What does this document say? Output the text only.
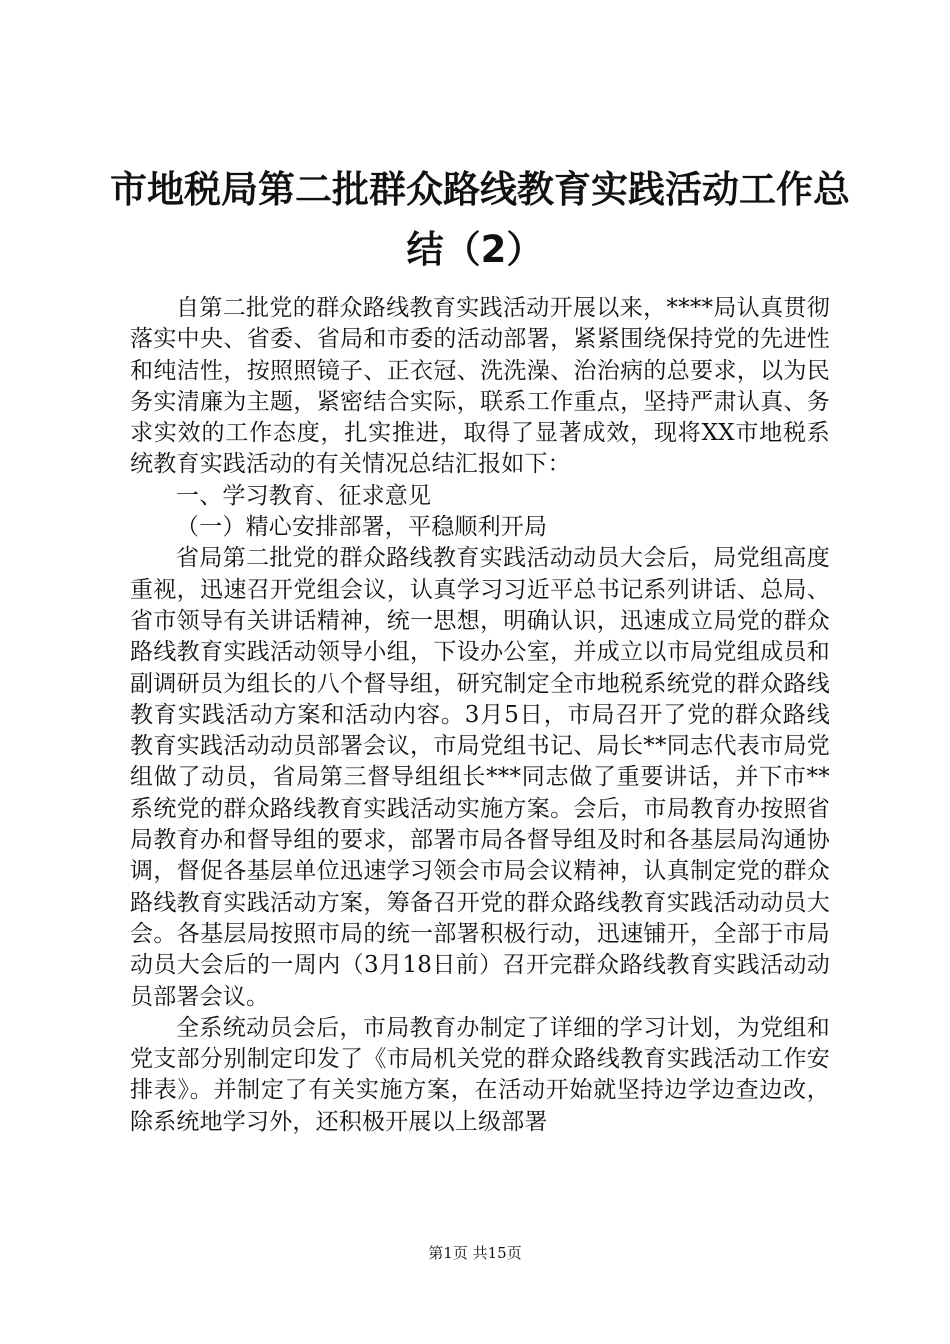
市地税局第二批群众路线教育实践活动工作总
结（2）

自第二批党的群众路线教育实践活动开展以来，****局认真贯彻落实中央、省委、省局和市委的活动部署，紧紧围绕保持党的先进性和纯洁性，按照照镜子、正衣冠、洗洗澡、治治病的总要求，以为民务实清廉为主题，紧密结合实际，联系工作重点，坚持严肃认真、务求实效的工作态度，扎实推进，取得了显著成效，现将XX市地税系统教育实践活动的有关情况总结汇报如下：

一、学习教育、征求意见

（一）精心安排部署，平稳顺利开局

省局第二批党的群众路线教育实践活动动员大会后，局党组高度重视，迅速召开党组会议，认真学习习近平总书记系列讲话、总局、省市领导有关讲话精神，统一思想，明确认识，迅速成立局党的群众路线教育实践活动领导小组，下设办公室，并成立以市局党组成员和副调研员为组长的八个督导组，研究制定全市地税系统党的群众路线教育实践活动方案和活动内容。3月5日，市局召开了党的群众路线教育实践活动动员部署会议，市局党组书记、局长**同志代表市局党组做了动员，省局第三督导组组长***同志做了重要讲话，并下市**系统党的群众路线教育实践活动实施方案。会后，市局教育办按照省局教育办和督导组的要求，部署市局各督导组及时和各基层局沟通协调，督促各基层单位迅速学习领会市局会议精神，认真制定党的群众路线教育实践活动方案，筹备召开党的群众路线教育实践活动动员大会。各基层局按照市局的统一部署积极行动，迅速铺开，全部于市局动员大会后的一周内（3月18日前）召开完群众路线教育实践活动动员部署会议。

全系统动员会后，市局教育办制定了详细的学习计划，为党组和党支部分别制定印发了《市局机关党的群众路线教育实践活动工作安排表》。并制定了有关实施方案，在活动开始就坚持边学边查边改，除系统地学习外，还积极开展以上级部署

第1页 共15页
